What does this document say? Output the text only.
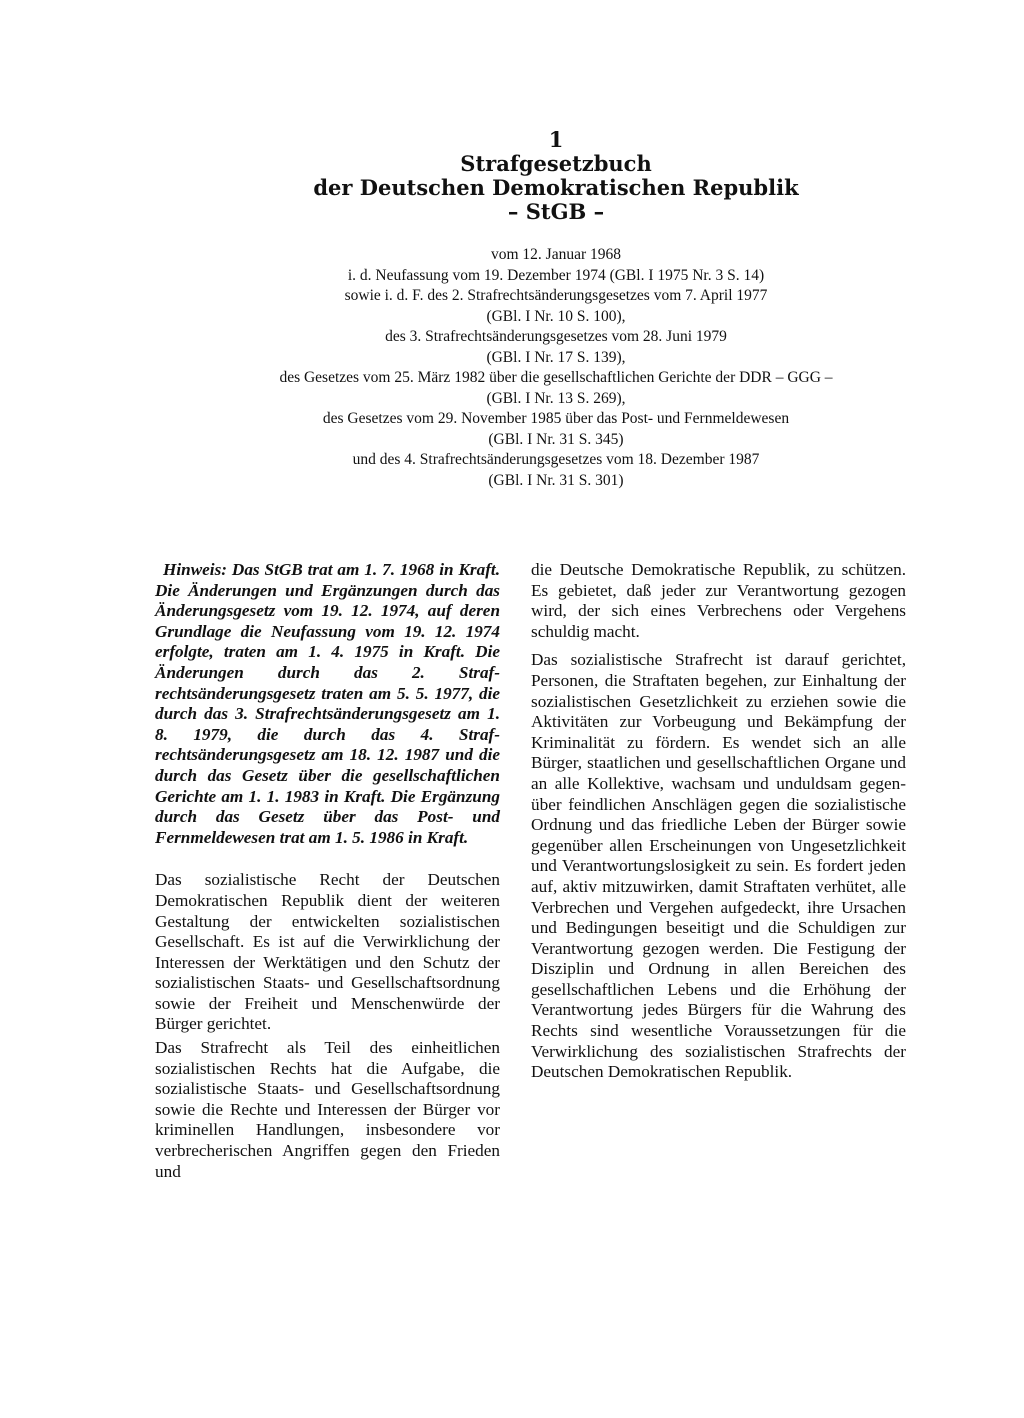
1
Strafgesetzbuch
der Deutschen Demokratischen Republik
– StGB –
vom 12. Januar 1968
i. d. Neufassung vom 19. Dezember 1974 (GBl. I 1975 Nr. 3 S. 14)
sowie i. d. F. des 2. Strafrechtsänderungsgesetzes vom 7. April 1977
(GBl. I Nr. 10 S. 100),
des 3. Strafrechtsänderungsgesetzes vom 28. Juni 1979
(GBl. I Nr. 17 S. 139),
des Gesetzes vom 25. März 1982 über die gesellschaftlichen Gerichte der DDR – GGG –
(GBl. I Nr. 13 S. 269),
des Gesetzes vom 29. November 1985 über das Post- und Fernmeldewesen
(GBl. I Nr. 31 S. 345)
und des 4. Strafrechtsänderungsgesetzes vom 18. Dezember 1987
(GBl. I Nr. 31 S. 301)

Hinweis: Das StGB trat am 1. 7. 1968 in Kraft. Die Änderungen und Ergänzungen durch das Änderungsgesetz vom 19. 12. 1974, auf deren Grundlage die Neufassung vom 19. 12. 1974 erfolgte, traten am 1. 4. 1975 in Kraft. Die Änderungen durch das 2. Strafrechtsänderungsgesetz traten am 5. 5. 1977, die durch das 3. Strafrechtsänderungsgesetz am 1. 8. 1979, die durch das 4. Strafrechtsänderungsgesetz am 18. 12. 1987 und die durch das Gesetz über die gesellschaftlichen Gerichte am 1. 1. 1983 in Kraft. Die Ergänzung durch das Gesetz über das Post- und Fernmeldewesen trat am 1. 5. 1986 in Kraft.

Das sozialistische Recht der Deutschen Demokratischen Republik dient der weiteren Gestaltung der entwickelten sozialistischen Gesellschaft. Es ist auf die Verwirklichung der Interessen der Werktätigen und den Schutz der sozialistischen Staats- und Gesellschaftsordnung sowie der Freiheit und Menschenwürde der Bürger gerichtet.

Das Strafrecht als Teil des einheitlichen sozialistischen Rechts hat die Aufgabe, die sozialistische Staats- und Gesellschaftsordnung sowie die Rechte und Interessen der Bürger vor kriminellen Handlungen, insbesondere vor verbrecherischen Angriffen gegen den Frieden und

die Deutsche Demokratische Republik, zu schützen. Es gebietet, daß jeder zur Verantwortung gezogen wird, der sich eines Verbrechens oder Vergehens schuldig macht.

Das sozialistische Strafrecht ist darauf gerichtet, Personen, die Straftaten begehen, zur Einhaltung der sozialistischen Gesetzlichkeit zu erziehen sowie die Aktivitäten zur Vorbeugung und Bekämpfung der Kriminalität zu fördern. Es wendet sich an alle Bürger, staatlichen und gesellschaftlichen Organe und an alle Kollektive, wachsam und unduldsam gegenüber feindlichen Anschlägen gegen die sozialistische Ordnung und das friedliche Leben der Bürger sowie gegenüber allen Erscheinungen von Ungesetzlichkeit und Verantwortungslosigkeit zu sein. Es fordert jeden auf, aktiv mitzuwirken, damit Straftaten verhütet, alle Verbrechen und Vergehen aufgedeckt, ihre Ursachen und Bedingungen beseitigt und die Schuldigen zur Verantwortung gezogen werden. Die Festigung der Disziplin und Ordnung in allen Bereichen des gesellschaftlichen Lebens und die Erhöhung der Verantwortung jedes Bürgers für die Wahrung des Rechts sind wesentliche Voraussetzungen für die Verwirklichung des sozialistischen Strafrechts der Deutschen Demokratischen Republik.
